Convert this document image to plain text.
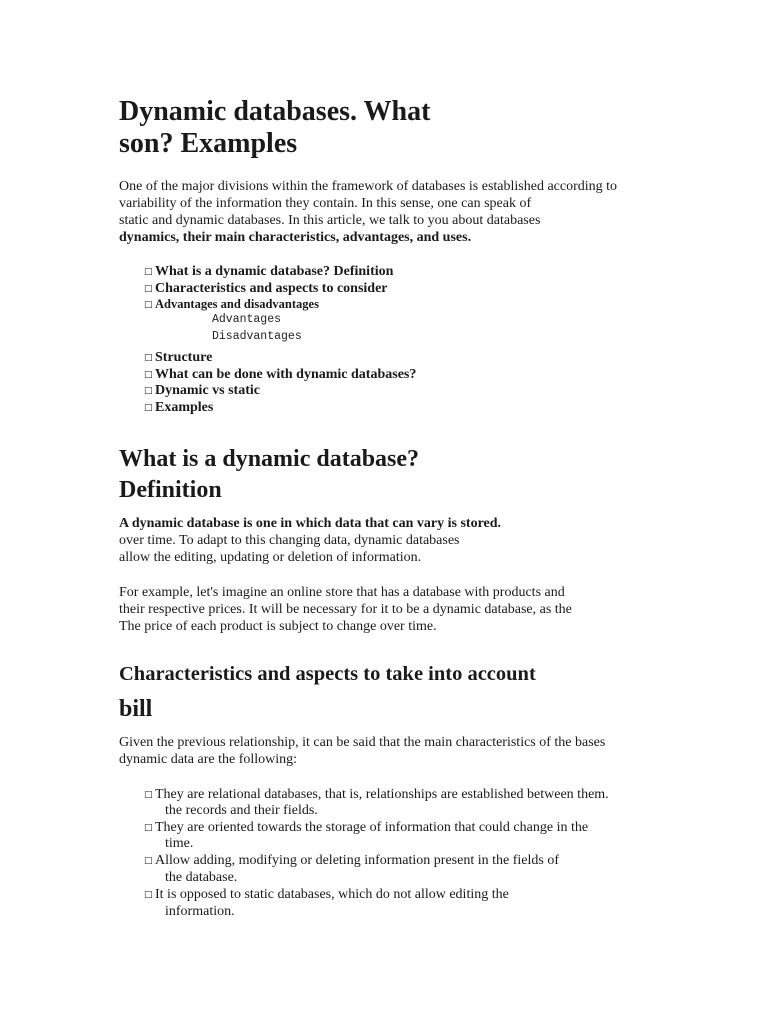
Dynamic databases. What
son? Examples
One of the major divisions within the framework of databases is established according to
variability of the information they contain. In this sense, one can speak of
static and dynamic databases. In this article, we talk to you about databases
dynamics, their main characteristics, advantages, and uses.
□ What is a dynamic database? Definition
□ Characteristics and aspects to consider
□ Advantages and disadvantages
Advantages
Disadvantages
□ Structure
□ What can be done with dynamic databases?
□ Dynamic vs static
□ Examples
What is a dynamic database?
Definition
A dynamic database is one in which data that can vary is stored.
over time. To adapt to this changing data, dynamic databases
allow the editing, updating or deletion of information.
For example, let's imagine an online store that has a database with products and
their respective prices. It will be necessary for it to be a dynamic database, as the
The price of each product is subject to change over time.
Characteristics and aspects to take into account
bill
Given the previous relationship, it can be said that the main characteristics of the bases
dynamic data are the following:
□ They are relational databases, that is, relationships are established between them.
the records and their fields.
□ They are oriented towards the storage of information that could change in the
time.
□ Allow adding, modifying or deleting information present in the fields of
the database.
□ It is opposed to static databases, which do not allow editing the
information.
